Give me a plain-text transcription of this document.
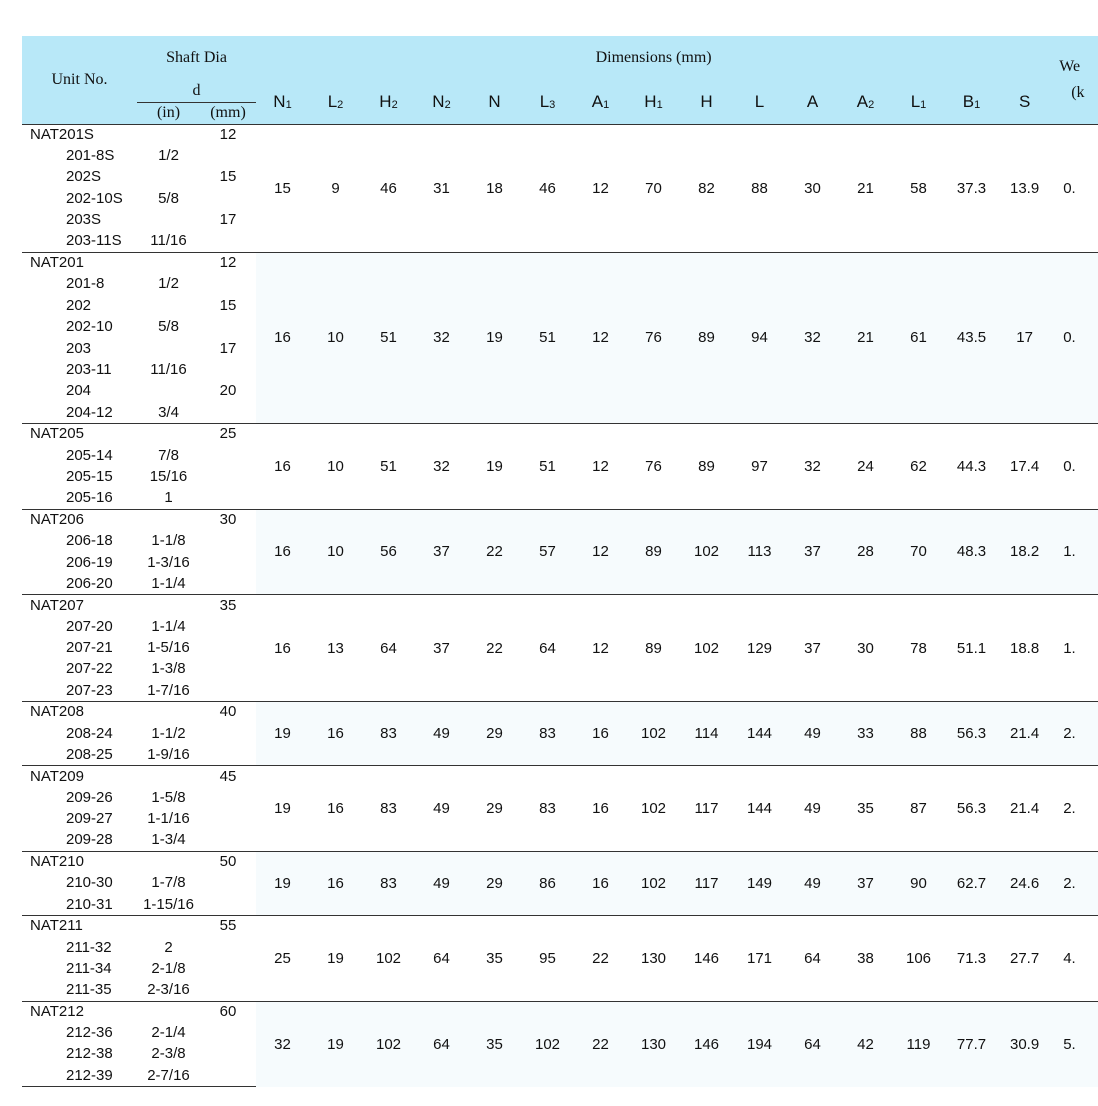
Unit No.	Shaft Dia		Dimensions (mm)															We
(k
	d		$N_1$	$L_2$	$H_2$	$N_2$	N	$L_3$	$A_1$	$H_1$	H	L	A	$A_2$	$L_1$	$B_1$	S	
	(in)	(mm)																
NAT201S		12	15	9	46	31	18	46	12	70	82	88	30	21	58	37.3	13.9	0.
201-8S	1/2																	
202S		15																
202-10S	5/8																	
203S		17																
203-11S	11/16																	
NAT201		12	16	10	51	32	19	51	12	76	89	94	32	21	61	43.5	17	0.
201-8	1/2																	
202		15																
202-10	5/8																	
203		17																
203-11	11/16																	
204		20																
204-12	3/4																	
NAT205		25	16	10	51	32	19	51	12	76	89	97	32	24	62	44.3	17.4	0.
205-14	7/8																	
205-15	15/16																	
205-16	1																	
NAT206		30	16	10	56	37	22	57	12	89	102	113	37	28	70	48.3	18.2	1.
206-18	1-1/8																	
206-19	1-3/16																	
206-20	1-1/4																	
NAT207		35	16	13	64	37	22	64	12	89	102	129	37	30	78	51.1	18.8	1.
207-20	1-1/4																	
207-21	1-5/16																	
207-22	1-3/8																	
207-23	1-7/16																	
NAT208		40	19	16	83	49	29	83	16	102	114	144	49	33	88	56.3	21.4	2.
208-24	1-1/2																	
208-25	1-9/16																	
NAT209		45	19	16	83	49	29	83	16	102	117	144	49	35	87	56.3	21.4	2.
209-26	1-5/8																	
209-27	1-1/16																	
209-28	1-3/4																	
NAT210		50	19	16	83	49	29	86	16	102	117	149	49	37	90	62.7	24.6	2.
210-30	1-7/8																	
210-31	1-15/16																	
NAT211		55	25	19	102	64	35	95	22	130	146	171	64	38	106	71.3	27.7	4.
211-32	2																	
211-34	2-1/8																	
211-35	2-3/16																	
NAT212		60	32	19	102	64	35	102	22	130	146	194	64	42	119	77.7	30.9	5.
212-36	2-1/4																	
212-38	2-3/8																	
212-39	2-7/16																	
